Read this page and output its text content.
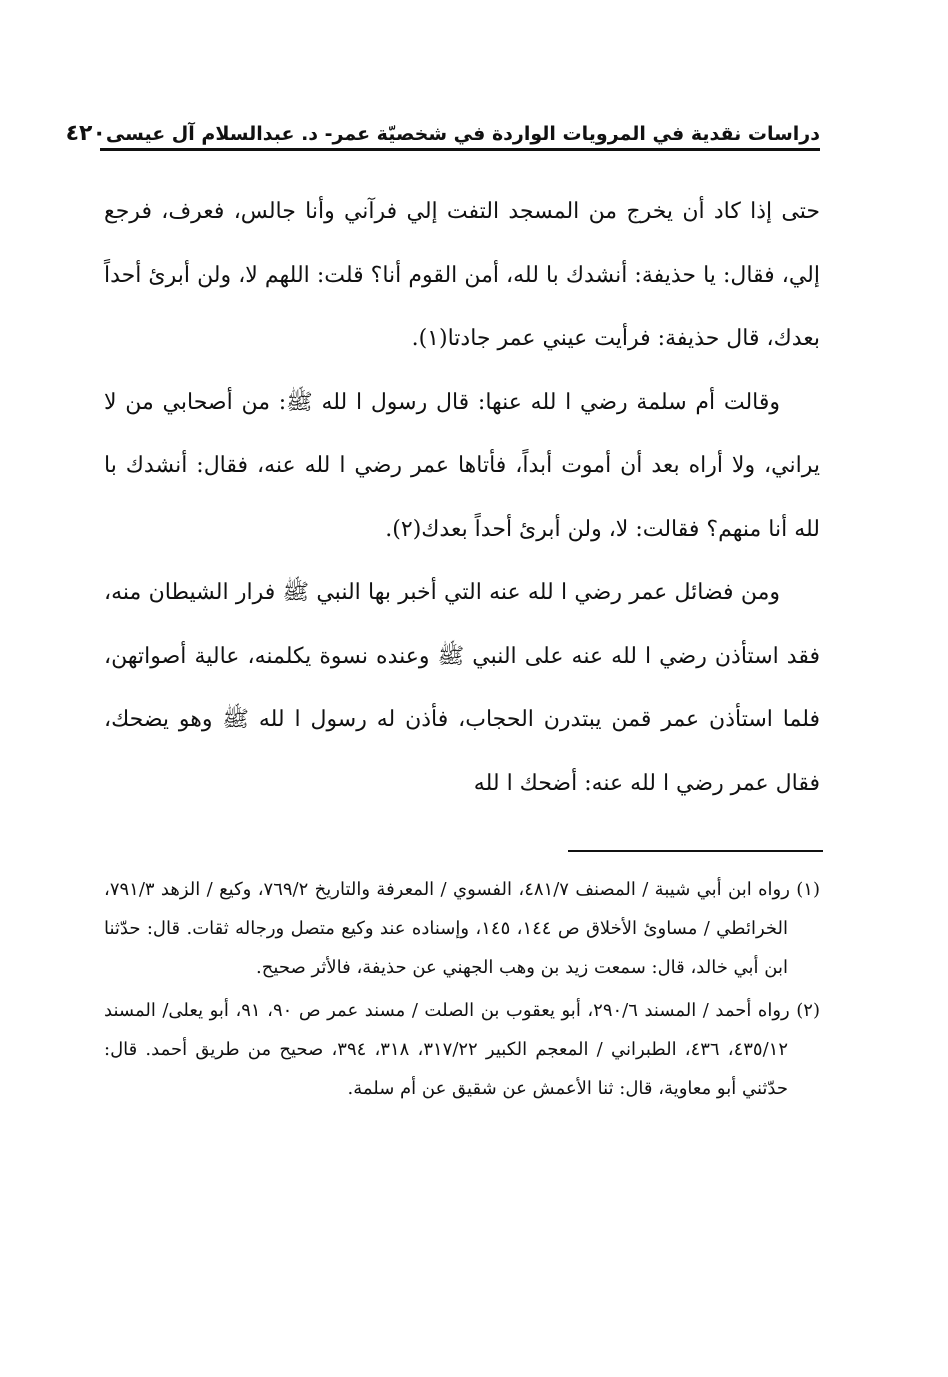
دراسات نقدية في المرويات الواردة في شخصيّة عمر- د. عبدالسلام آل عيسى
٤٢٠

حتى إذا كاد أن يخرج من المسجد التفت إلي فرآني وأنا جالس، فعرف، فرجع إلي، فقال: يا حذيفة: أنشدك با لله، أمن القوم أنا؟ قلت: اللهم لا، ولن أبرئ أحداً بعدك، قال حذيفة: فرأيت عيني عمر جادتا(١).

وقالت أم سلمة رضي ا لله عنها: قال رسول ا لله ﷺ: من أصحابي من لا يراني، ولا أراه بعد أن أموت أبداً، فأتاها عمر رضي ا لله عنه، فقال: أنشدك با لله أنا منهم؟ فقالت: لا، ولن أبرئ أحداً بعدك(٢).

ومن فضائل عمر رضي ا لله عنه التي أخبر بها النبي ﷺ فرار الشيطان منه، فقد استأذن رضي ا لله عنه على النبي ﷺ وعنده نسوة يكلمنه، عالية أصواتهن، فلما استأذن عمر قمن يبتدرن الحجاب، فأذن له رسول ا لله ﷺ وهو يضحك، فقال عمر رضي ا لله عنه: أضحك ا لله

(١) رواه ابن أبي شيبة / المصنف ٤٨١/٧، الفسوي / المعرفة والتاريخ ٧٦٩/٢، وكيع / الزهد ٧٩١/٣، الخرائطي / مساوئ الأخلاق ص ١٤٤، ١٤٥، وإسناده عند وكيع متصل ورجاله ثقات. قال: حدّثنا ابن أبي خالد، قال: سمعت زيد بن وهب الجهني عن حذيفة، فالأثر صحيح.

(٢) رواه أحمد / المسند ٢٩٠/٦، أبو يعقوب بن الصلت / مسند عمر ص ٩٠، ٩١، أبو يعلى/ المسند ٤٣٥/١٢، ٤٣٦، الطبراني / المعجم الكبير ٣١٧/٢٢، ٣١٨، ٣٩٤، صحيح من طريق أحمد. قال: حدّثني أبو معاوية، قال: ثنا الأعمش عن شقيق عن أم سلمة.
